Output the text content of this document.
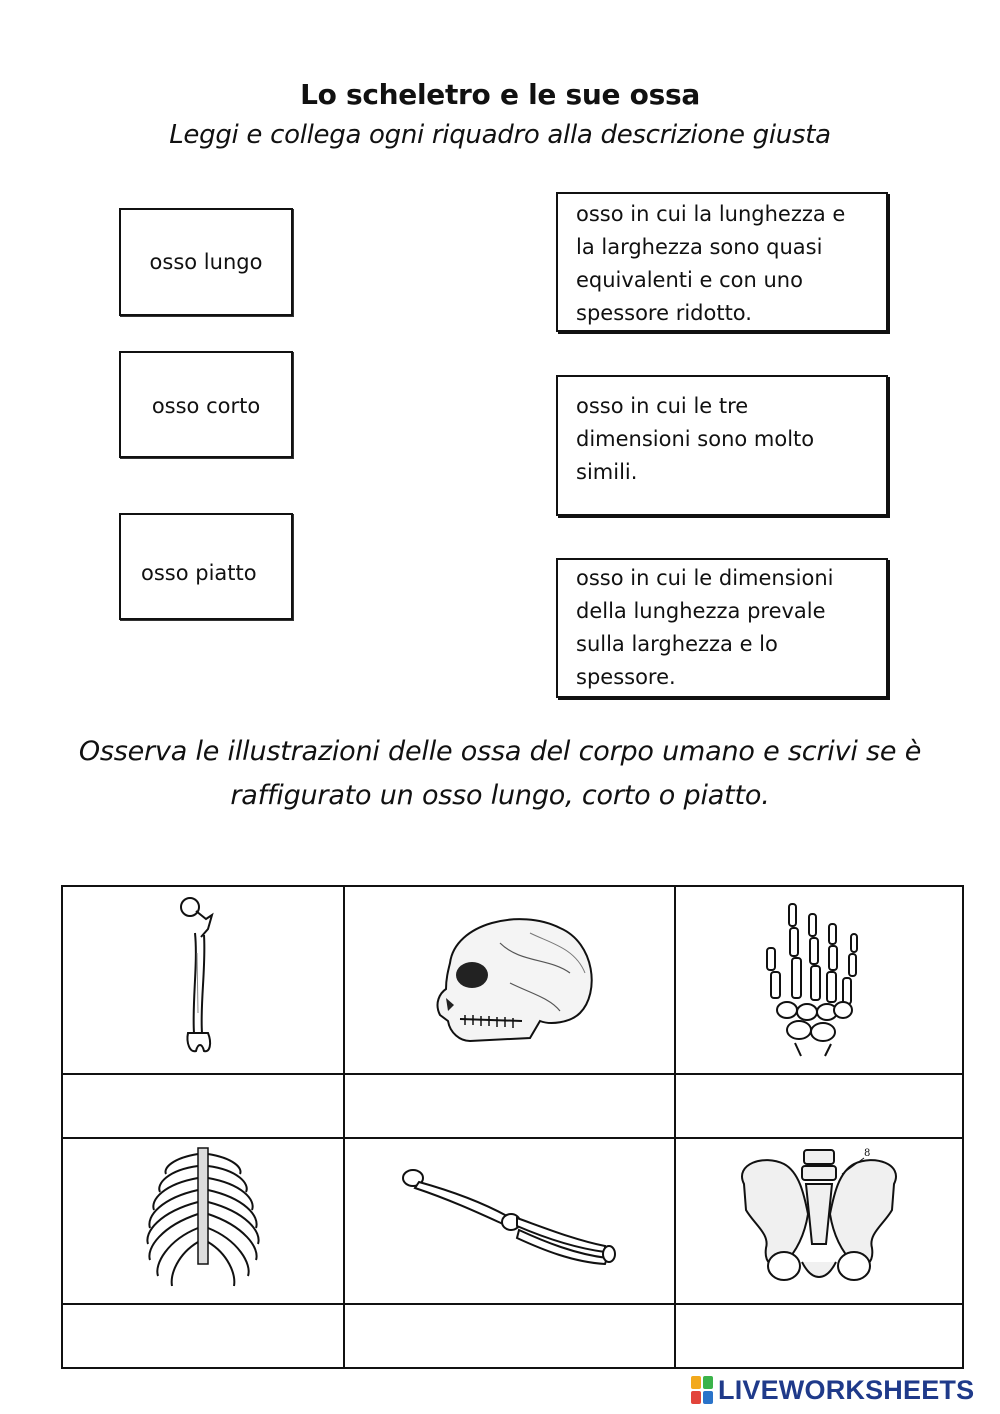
Lo scheletro e le sue ossa
Leggi e collega ogni riquadro alla descrizione giusta
osso lungo
osso corto
osso piatto
osso in cui la lunghezza e
la larghezza sono quasi
equivalenti e con uno
spessore ridotto.
osso in cui le tre
dimensioni sono molto
simili.
osso in cui le dimensioni
della lunghezza prevale
sulla larghezza e lo
spessore.
Osserva le illustrazioni delle ossa del corpo umano e scrivi se è
raffigurato un osso lungo, corto o piatto.

8

LIVEWORKSHEETS
